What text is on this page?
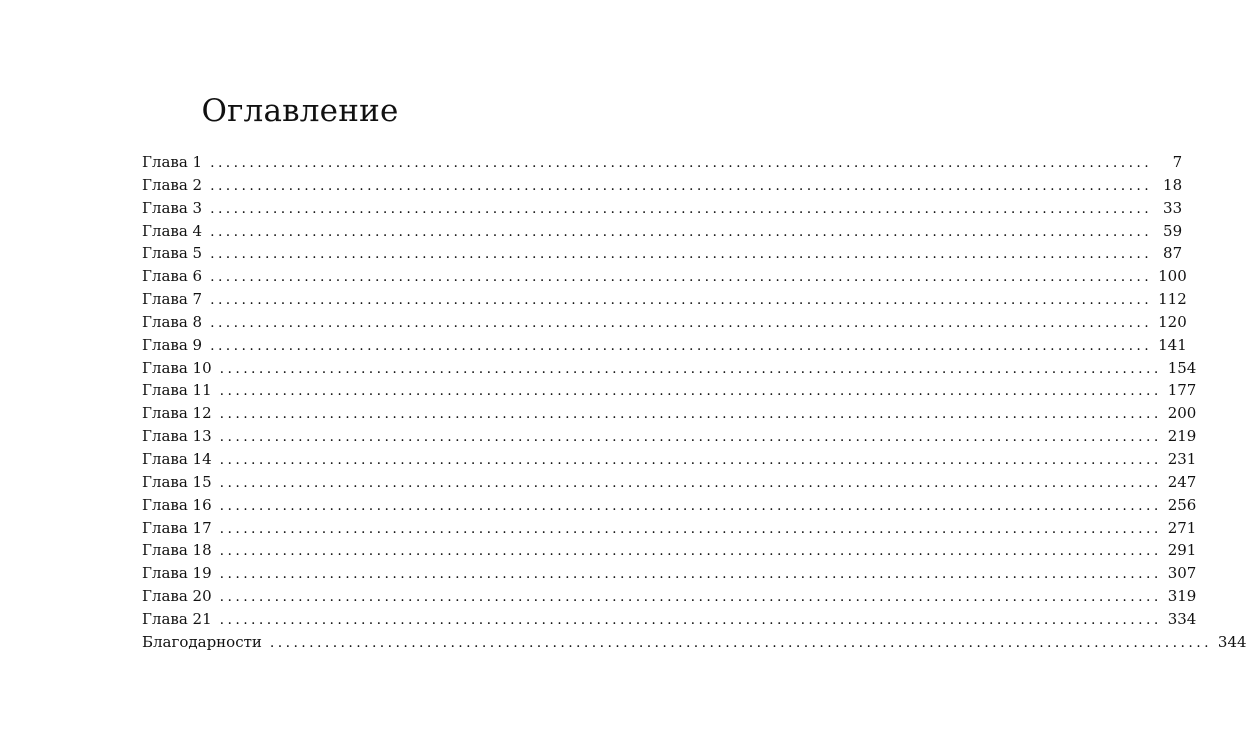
Оглавление
Глава 1 ........................................................................................................................	7
Глава 2 ........................................................................................................................ 18
Глава 3 ........................................................................................................................ 33
Глава 4 ........................................................................................................................ 59
Глава 5 ........................................................................................................................ 87
Глава 6 ........................................................................................................................ 100
Глава 7 ........................................................................................................................ 112
Глава 8 ........................................................................................................................ 120
Глава 9 ........................................................................................................................ 141
Глава 10 ........................................................................................................................ 154
Глава 11 ........................................................................................................................ 177
Глава 12 ........................................................................................................................ 200
Глава 13 ........................................................................................................................ 219
Глава 14 ........................................................................................................................ 231
Глава 15 ........................................................................................................................ 247
Глава 16 ........................................................................................................................ 256
Глава 17 ........................................................................................................................ 271
Глава 18 ........................................................................................................................ 291
Глава 19 ........................................................................................................................ 307
Глава 20 ........................................................................................................................ 319
Глава 21 ........................................................................................................................ 334
Благодарности ........................................................................................................................ 344
